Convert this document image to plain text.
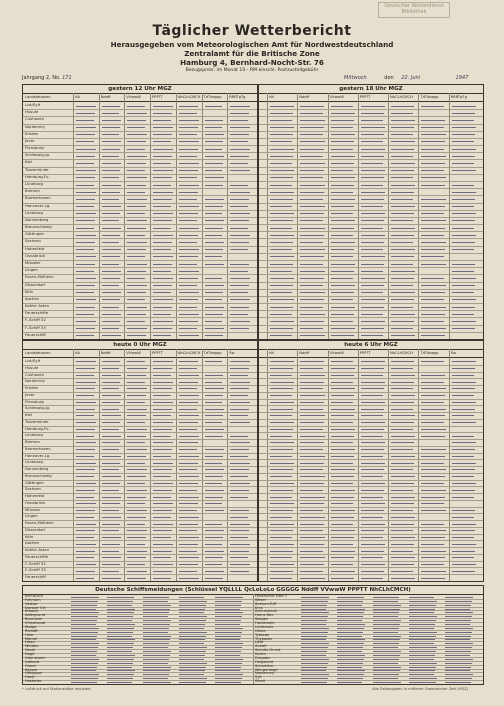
Deutscher Wetterdienst
Bibliothek
Täglicher Wetterbericht
Herausgegeben vom Meteorologischen Amt für Nordwestdeutschland
Zentralamt für die Britische Zone
Hamburg 4, Bernhard-Nocht-Str. 76
Bezugspreis: im Monat 10.- RM einschl. Postzustellgebühr
Jahrgang 2, No. 171	Mittwoch	den 22. Juni	1947
gestern 12 Uhr MGZ
Landstationen	iiiii	Nddff	VVwwW	PPPTT	NhCLhCMCH TdTdappp RRRTgTg
List/Sylt
Husum
Cuxhaven
Norderney
Emden
Jever
Flensburg
Schleswig-Jg.
Kiel
Travemünde
Hamburg-Fu.
Lüneburg
Bremen
Bremerhaven
Hannover-Lg.
Lüneburg
Dannenberg
Braunschweig
Göttingen
Sachsen
Hohenfeld
Osnabrück
Münster
Lingen
Essen-Mülheim
Düsseldorf
Köln
Aachen
Kahler Asten
Feuerschiffe
F.-Schiff 32
F.-Schiff 33
Feuerschiff
gestern 18 Uhr MGZ
iiiii	Nddff	VVwwW	PPPTT	NhCLhCMCH TdTdappp	RRRTgTg
heute 0 Uhr MGZ
Landstationen	iiiii	Nddff	VVwwW	PPPTT	NhCLhCMCH TdTdappp Sw
List/Sylt
Husum
Cuxhaven
Norderney
Emden
Jever
Flensburg
Schleswig-Jg.
Kiel
Travemünde
Hamburg-Fu.
Lüneburg
Bremen
Bremerhaven
Hannover-Lg.
Lüneburg
Dannenberg
Braunschweig
Göttingen
Sachsen
Hohenfeld
Osnabrück
Münster
Lingen
Essen-Mülheim
Düsseldorf
Köln
Aachen
Kahler Asten
Feuerschiffe
F.-Schiff 32
F.-Schiff 33
Feuerschiff
heute 6 Uhr MGZ
iiiii	Nddff	VVwwW	PPPTT	NhCLhCMCH TdTdappp	Sw
Deutsche Schiffsmeldungen (Schlüssel YQLLLL QcLoLoLo GGGGG Nddff VVwwW PPPTT NhCLhCMCH)
Kiel-Bucht
Fehmarn
Gedser
Darsser Ort
Arkona
Adlergrund
Bornholm
Christiansö
Stolpe
Rixhöft
Hela
Memel
Libau
Windau
Oesel
Dagö
Odensholm
Gotland
Öland
Kalmar
Utklippan
Hanö
Falsterbo
Feuerschiff Elbe 1
Weser
Borkum-Riff
Ems
Amrumbank
Horns Rev
Skagen
Hanstholm
Lindesnes
Utsira
Tyborøn
Thyborøn
Läsö
Anholt
Schultz Grund
Kullen
Drogden
Helgoland
Scharhörn
Wangerooge
Norderney
Sylt
Römö
* Luftdruck auf Stationshöhe reduziert	Alle Zeitangaben in mittlerer Greenwicher Zeit (MGZ)
